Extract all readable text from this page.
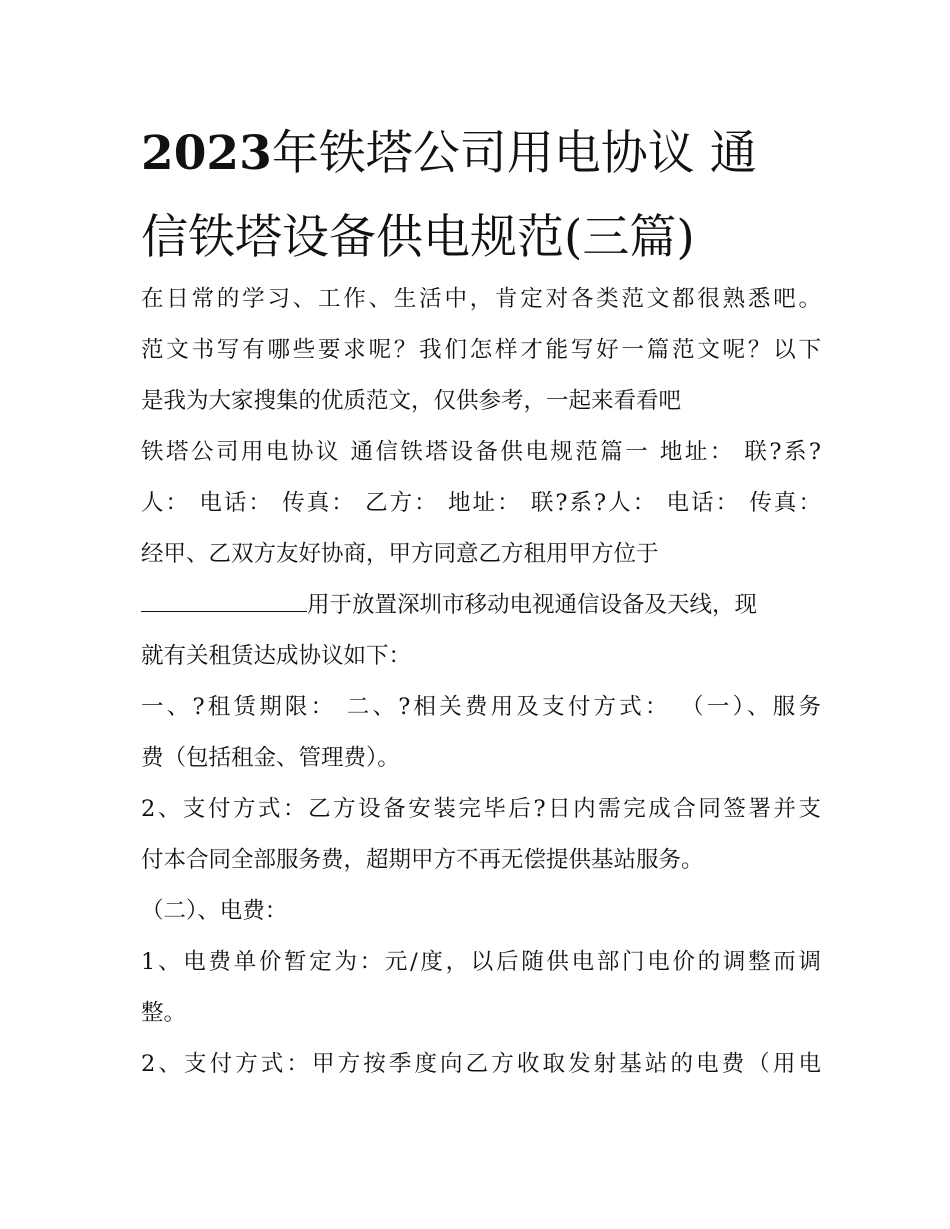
2023年铁塔公司用电协议 通
信铁塔设备供电规范(三篇)
在日常的学习、工作、生活中，肯定对各类范文都很熟悉吧。
范文书写有哪些要求呢？我们怎样才能写好一篇范文呢？以下
是我为大家搜集的优质范文，仅供参考，一起来看看吧
铁塔公司用电协议 通信铁塔设备供电规范篇一 地址： 联?系?
人： 电话： 传真： 乙方： 地址： 联?系?人： 电话： 传真：
经甲、乙双方友好协商，甲方同意乙方租用甲方位于
用于放置深圳市移动电视通信设备及天线，现
就有关租赁达成协议如下：
一、?租赁期限： 二、?相关费用及支付方式： （一）、服务
费（包括租金、管理费）。
2、支付方式：乙方设备安装完毕后?日内需完成合同签署并支
付本合同全部服务费，超期甲方不再无偿提供基站服务。
（二）、电费：
1、电费单价暂定为：元/度，以后随供电部门电价的调整而调
整。
2、支付方式：甲方按季度向乙方收取发射基站的电费（用电
